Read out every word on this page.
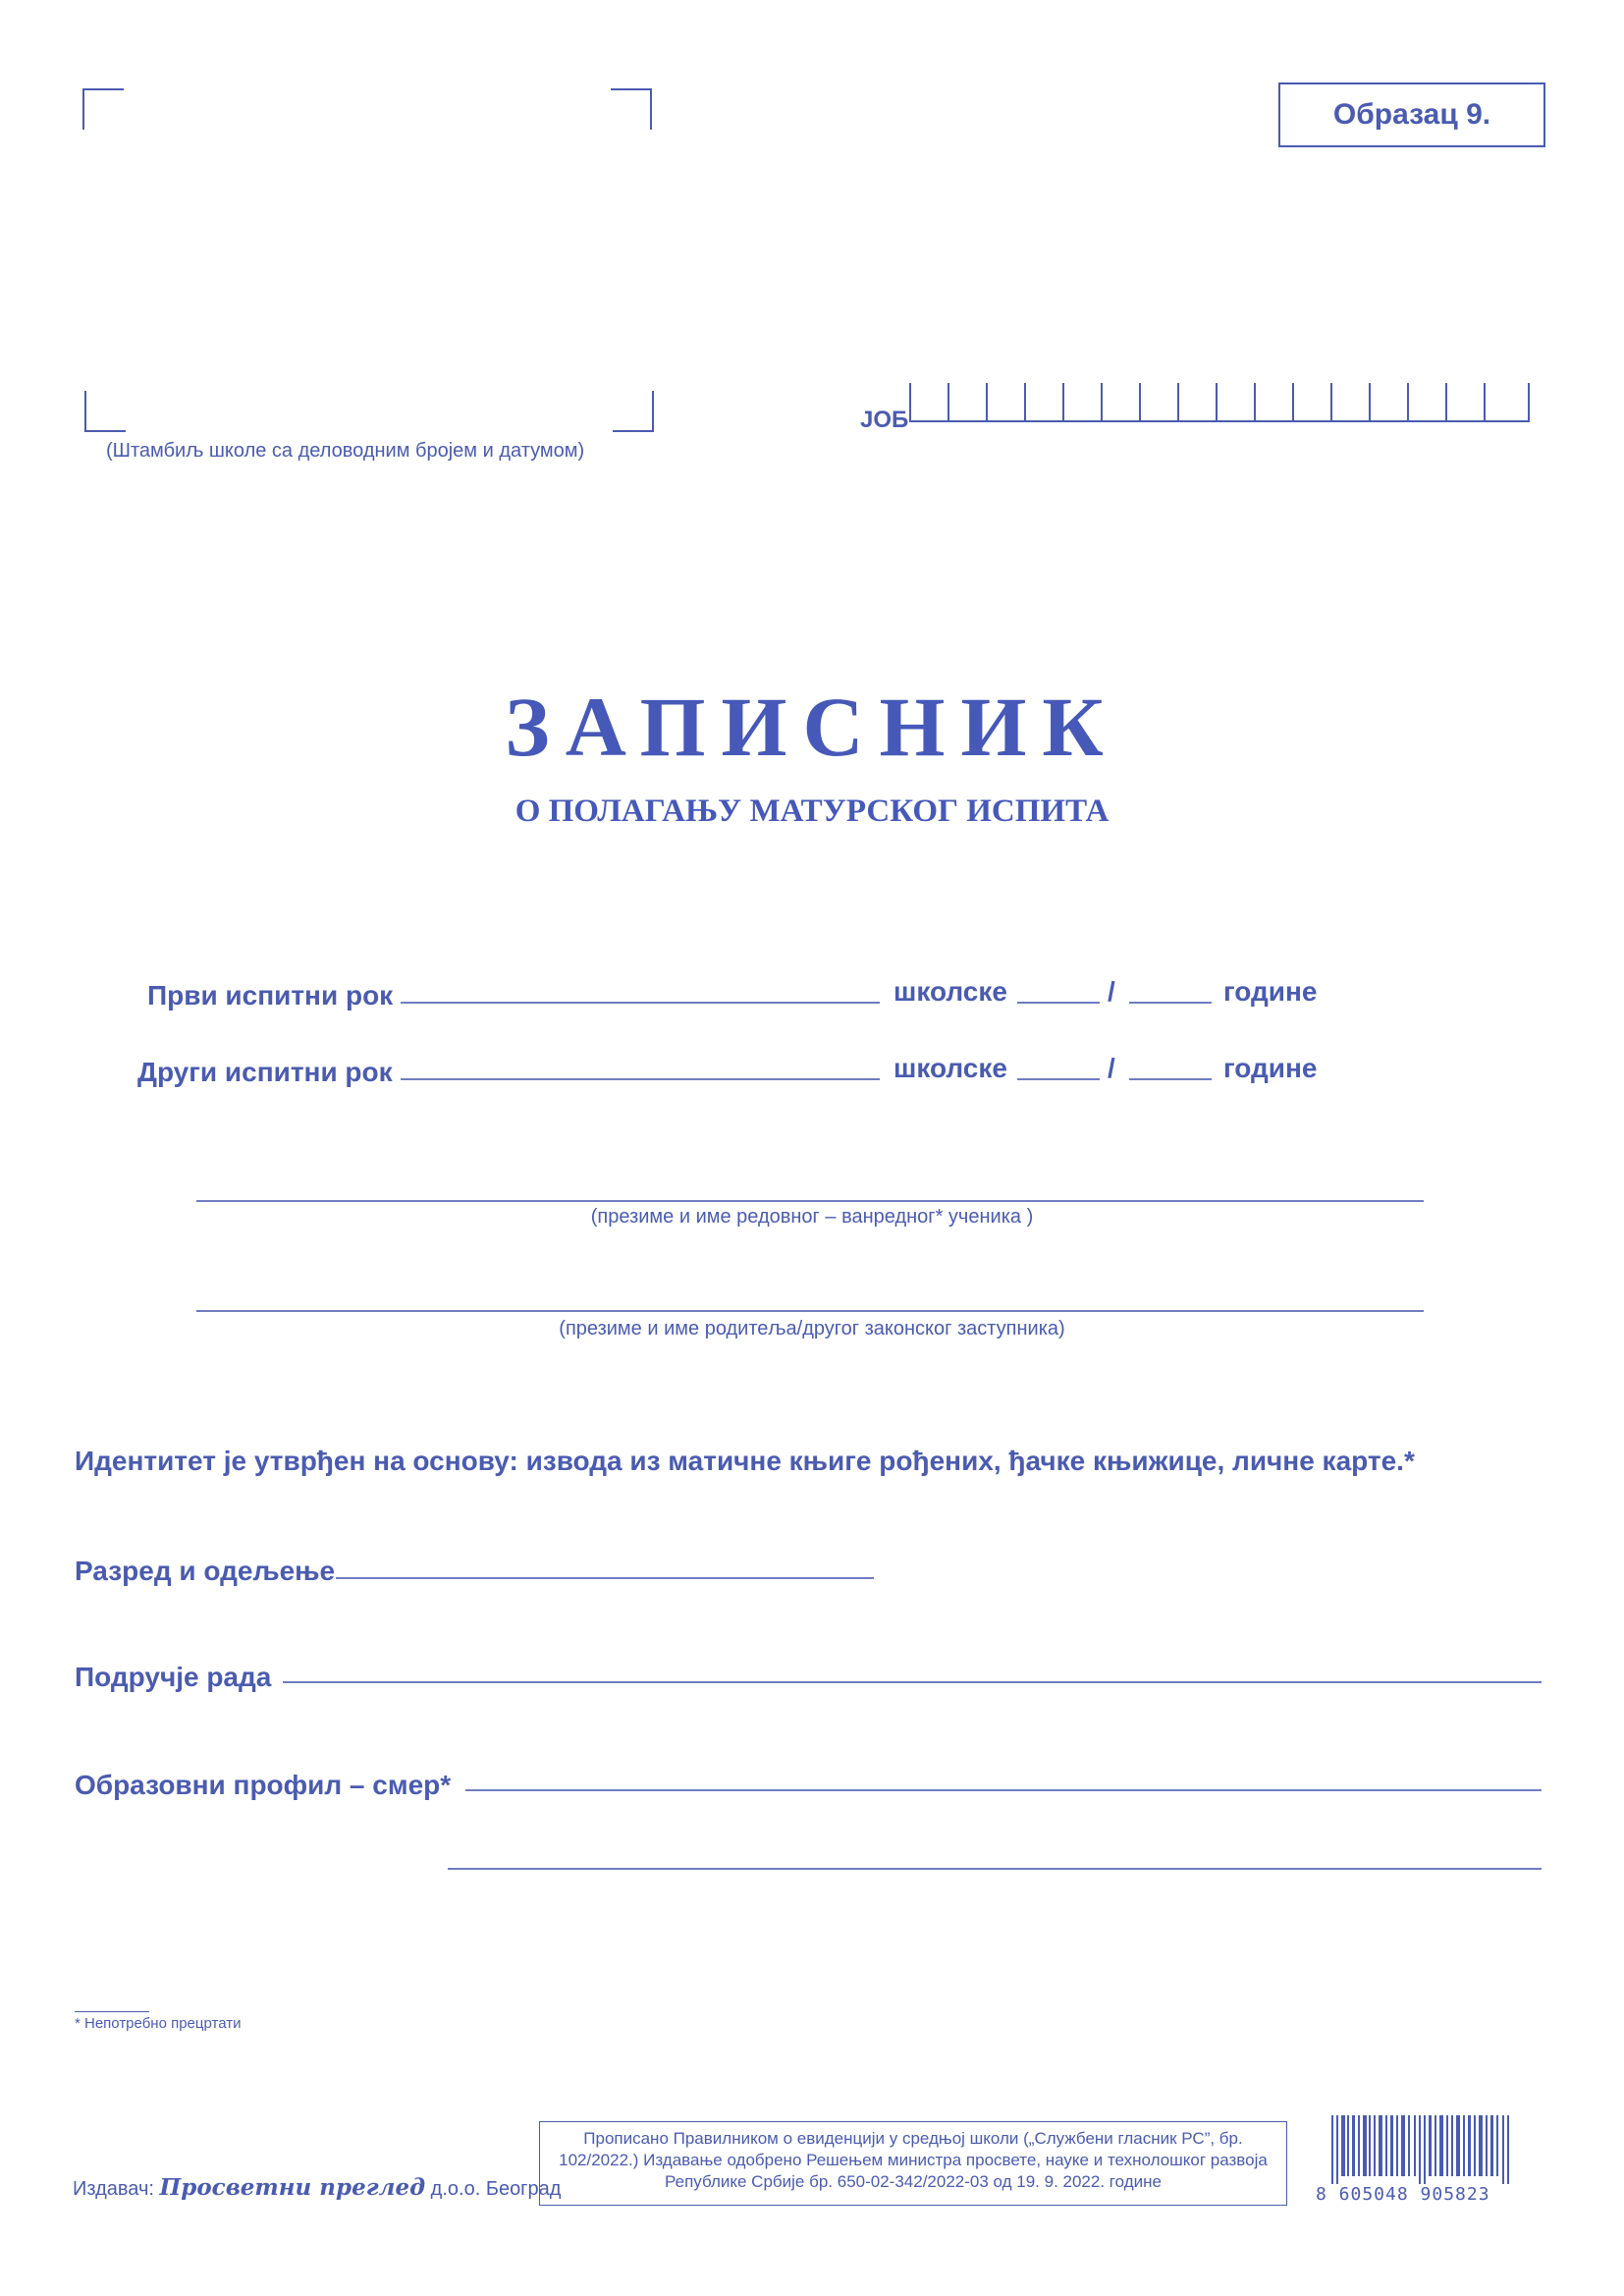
Образац 9.
(Штамбиљ школе са деловодним бројем и датумом)
ЈОБ
ЗАПИСНИК
О ПОЛАГАЊУ МАТУРСКОГ ИСПИТА
Први испитни рок	школске	/	године
Други испитни рок	школске	/	године
(презиме и име редовног – ванредног* ученика )
(презиме и име родитеља/другог законског заступника)
Идентитет је утврђен на основу: извода из матичне књиге рођених, ђачке књижице, личне карте.*
Разред и одељење
Подручје рада
Образовни профил – смер*
* Непотребно прецртати
Издавач: Просветни преглед д.о.о. Београд
Прописано Правилником о евиденцији у средњој школи („Службени гласник РС”, бр. 102/2022.) Издавање одобрено Решењем министра просвете, науке и технолошког развоја Републике Србије бр. 650-02-342/2022-03 од 19. 9. 2022. године
8 605048 905823
